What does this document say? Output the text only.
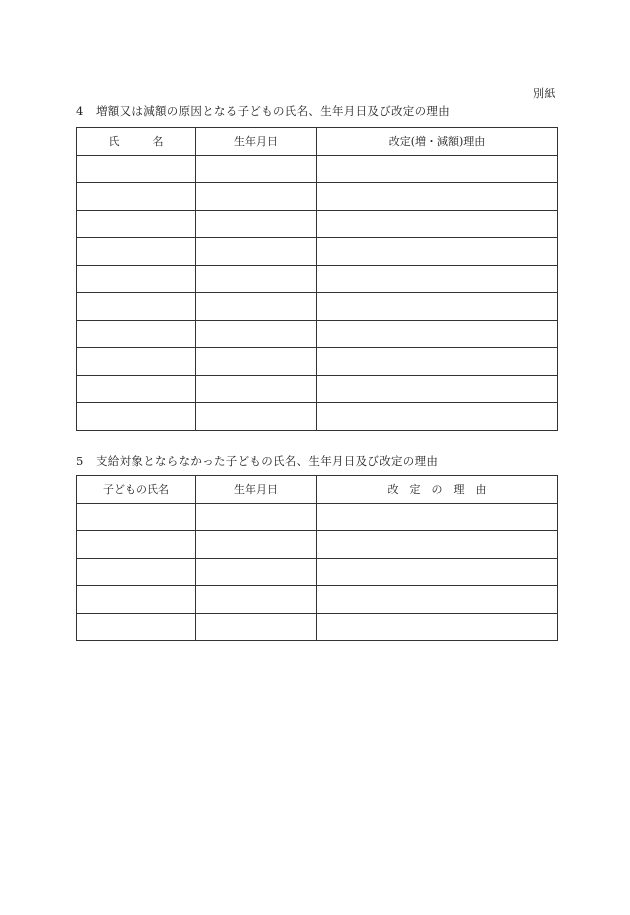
別紙
4 増額又は減額の原因となる子どもの氏名、生年月日及び改定の理由
氏　　　名	生年月日	改定(増・減額)理由

5 支給対象とならなかった子どもの氏名、生年月日及び改定の理由
子どもの氏名	生年月日	改　定　の　理　由
